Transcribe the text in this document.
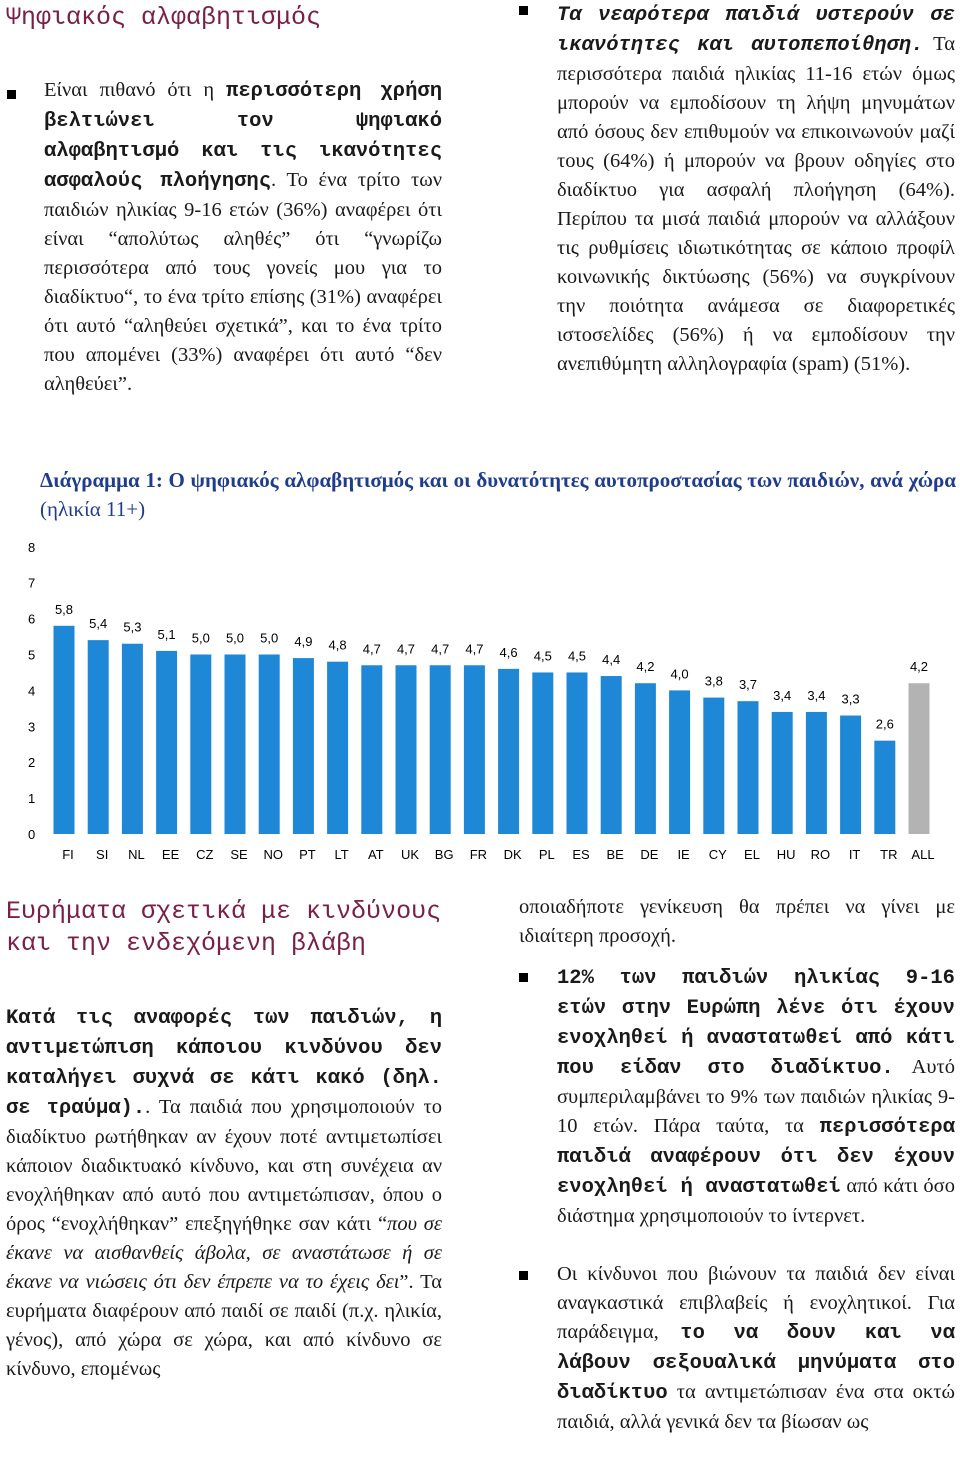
Ψηφιακός αλφαβητισμός

Είναι πιθανό ότι η περισσότερη χρήση βελτιώνει τον ψηφιακό αλφαβητισμό και τις ικανότητες ασφαλούς πλοήγησης. Το ένα τρίτο των παιδιών ηλικίας 9-16 ετών (36%) αναφέρει ότι είναι “απολύτως αληθές” ότι “γνωρίζω περισσότερα από τους γονείς μου για το διαδίκτυο“, το ένα τρίτο επίσης (31%) αναφέρει ότι αυτό “αληθεύει σχετικά”, και το ένα τρίτο που απομένει (33%) αναφέρει ότι αυτό “δεν αληθεύει”.

Τα νεαρότερα παιδιά υστερούν σε ικανότητες και αυτοπεποίθηση. Τα περισσότερα παιδιά ηλικίας 11-16 ετών όμως μπορούν να εμποδίσουν τη λήψη μηνυμάτων από όσους δεν επιθυμούν να επικοινωνούν μαζί τους (64%) ή μπορούν να βρουν οδηγίες στο διαδίκτυο για ασφαλή πλοήγηση (64%). Περίπου τα μισά παιδιά μπορούν να αλλάξουν τις ρυθμίσεις ιδιωτικότητας σε κάποιο προφίλ κοινωνικής δικτύωσης (56%) να συγκρίνουν την ποιότητα ανάμεσα σε διαφορετικές ιστοσελίδες (56%) ή να εμποδίσουν την ανεπιθύμητη αλληλογραφία (spam) (51%).

Διάγραμμα 1: Ο ψηφιακός αλφαβητισμός και οι δυνατότητες αυτοπροστασίας των παιδιών, ανά χώρα (ηλικία 11+)
0
1
2
3
4
5
6
7
8
5,8
5,4 5,3 5,1 5,0 5,0 5,0 4,9 4,8 4,7 4,7 4,7 4,7 4,6 4,5 4,5 4,4 4,2 4,0 3,8 3,7
3,4 3,4 3,3
2,6
4,2
FI SI NL EE CZ SE NO PT LT AT UK BG FR DK PL ES BE DE IE CY EL HU RO IT TR ALL
Ευρήματα σχετικά με κινδύνους
και την ενδεχόμενη βλάβη

Κατά τις αναφορές των παιδιών, η αντιμετώπιση κάποιου κινδύνου δεν καταλήγει συχνά σε κάτι κακό (δηλ. σε τραύμα).. Τα παιδιά που χρησιμοποιούν το διαδίκτυο ρωτήθηκαν αν έχουν ποτέ αντιμετωπίσει κάποιον διαδικτυακό κίνδυνο, και στη συνέχεια αν ενοχλήθηκαν από αυτό που αντιμετώπισαν, όπου ο όρος “ενοχλήθηκαν” επεξηγήθηκε σαν κάτι “που σε έκανε να αισθανθείς άβολα, σε αναστάτωσε ή σε έκανε να νιώσεις ότι δεν έπρεπε να το έχεις δει”. Τα ευρήματα διαφέρουν από παιδί σε παιδί (π.χ. ηλικία, γένος), από χώρα σε χώρα, και από κίνδυνο σε κίνδυνο, επομένως

οποιαδήποτε γενίκευση θα πρέπει να γίνει με ιδιαίτερη προσοχή.

12% των παιδιών ηλικίας 9-16 ετών στην Ευρώπη λένε ότι έχουν ενοχληθεί ή αναστατωθεί από κάτι που είδαν στο διαδίκτυο. Αυτό συμπεριλαμβάνει το 9% των παιδιών ηλικίας 9-10 ετών. Πάρα ταύτα, τα περισσότερα παιδιά αναφέρουν ότι δεν έχουν ενοχληθεί ή αναστατωθεί από κάτι όσο διάστημα χρησιμοποιούν το ίντερνετ.

Οι κίνδυνοι που βιώνουν τα παιδιά δεν είναι αναγκαστικά επιβλαβείς ή ενοχλητικοί. Για παράδειγμα, το να δουν και να λάβουν σεξουαλικά μηνύματα στο διαδίκτυο τα αντιμετώπισαν ένα στα οκτώ παιδιά, αλλά γενικά δεν τα βίωσαν ως
